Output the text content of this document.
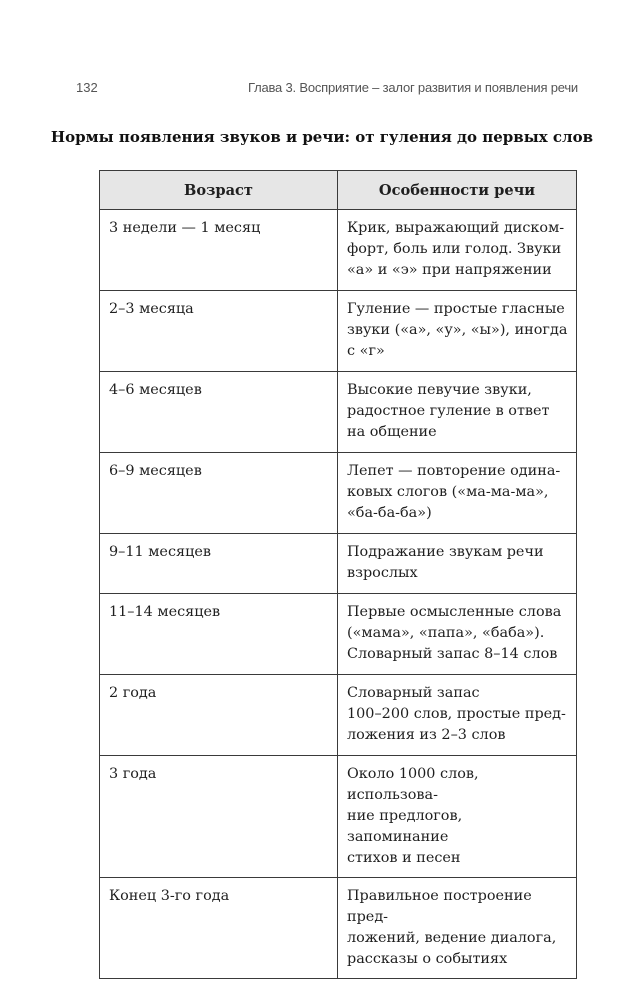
132	Глава 3. Восприятие – залог развития и появления речи
Нормы появления звуков и речи: от гуления до первых слов
Возраст	Особенности речи
3 недели — 1 месяц	Крик, выражающий диском-
форт, боль или голод. Звуки
«а» и «э» при напряжении
2–3 месяца	Гуление — простые гласные
звуки («а», «у», «ы»), иногда
с «г»
4–6 месяцев	Высокие певучие звуки,
радостное гуление в ответ
на общение
6–9 месяцев	Лепет — повторение одина-
ковых слогов («ма-ма-ма»,
«ба-ба-ба»)
9–11 месяцев	Подражание звукам речи
взрослых
11–14 месяцев	Первые осмысленные слова
(«мама», «папа», «баба»).
Словарный запас 8–14 слов
2 года	Словарный запас
100–200 слов, простые пред-
ложения из 2–3 слов
3 года	Около 1000 слов, использова-
ние предлогов, запоминание
стихов и песен
Конец 3-го года	Правильное построение пред-
ложений, ведение диалога,
рассказы о событиях
